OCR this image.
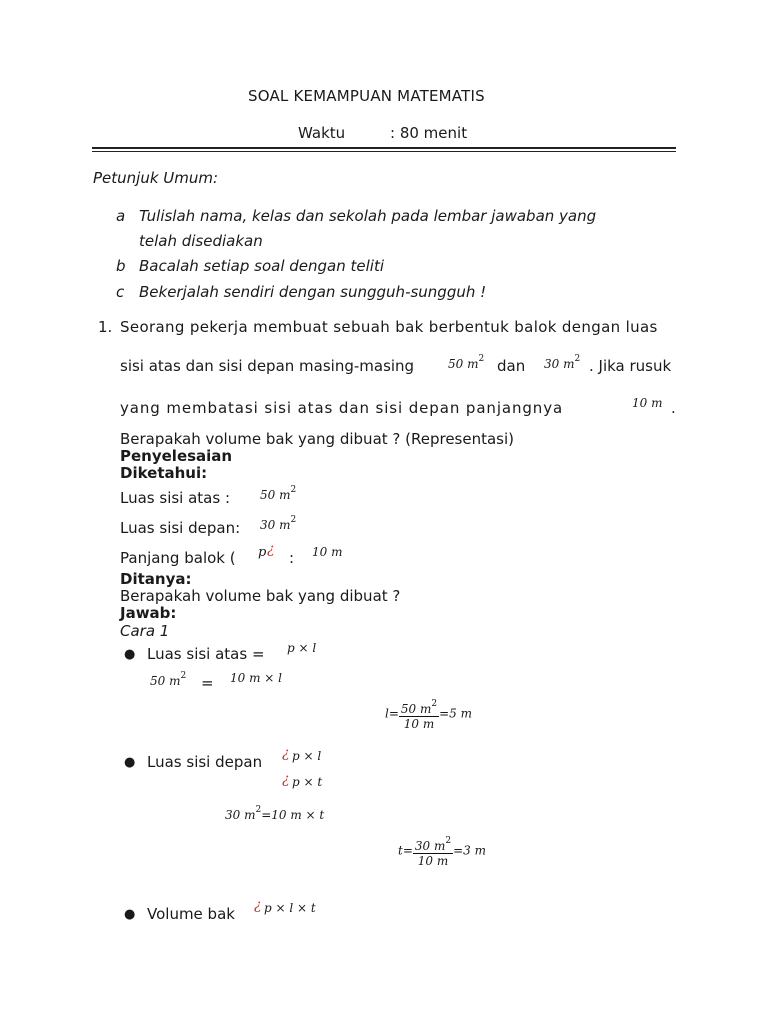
SOAL KEMAMPUAN MATEMATIS
Waktu	: 80 menit
Petunjuk Umum:
a Tulislah nama, kelas dan sekolah pada lembar jawaban yang
telah disediakan
b Bacalah setiap soal dengan teliti
c Bekerjalah sendiri dengan sungguh-sungguh !
1. Seorang pekerja membuat sebuah bak berbentuk balok dengan luas
sisi atas dan sisi depan masing-masing	50 $m^2$ dan 30 $m^2$ . Jika rusuk
yang membatasi sisi atas dan sisi depan panjangnya	10 m .
Berapakah volume bak yang dibuat ? (Representasi)
Penyelesaian
Diketahui:
Luas sisi atas : 50 $m^2$
Luas sisi depan: 30 $m^2$
Panjang balok ( p ¿ : 10 m
Ditanya:
Berapakah volume bak yang dibuat ?
Jawab:
Cara 1
● Luas sisi atas = p × l
50 $m^2 = 10$ m × l
$l= \frac{50 m^2}{10 m} =5$ m
● Luas sisi depan ¿ p × l
¿ p × t
30 $m^2=10$ m × t
$t= \frac{30 m^2}{10 m} =3$ m
● Volume bak ¿ p × l × t
